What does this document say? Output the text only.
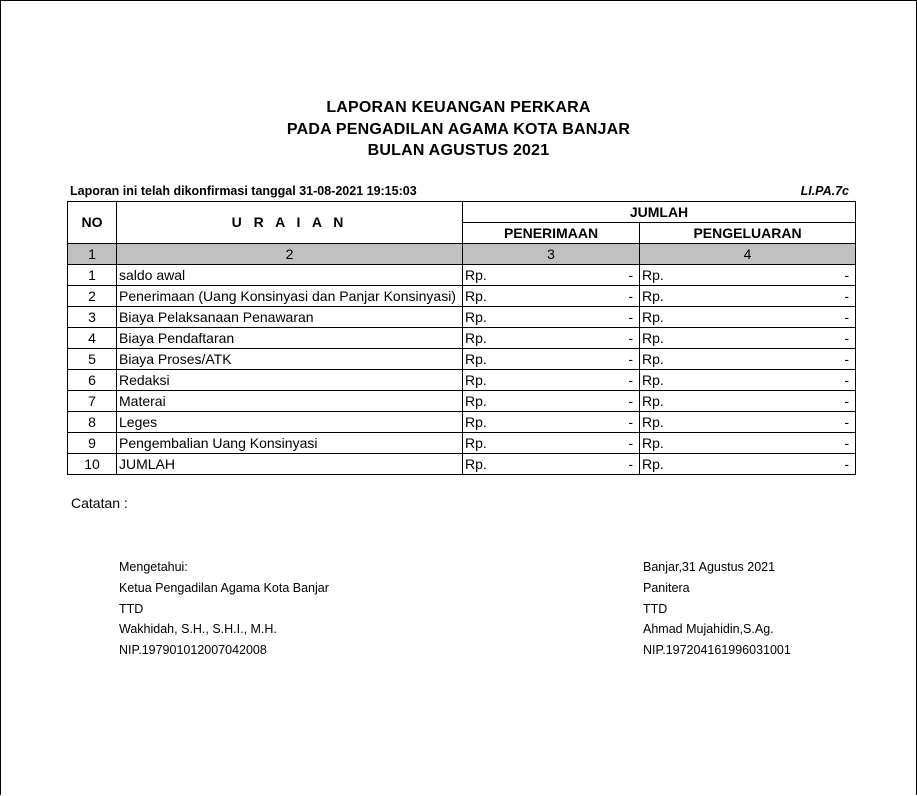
LAPORAN KEUANGAN PERKARA
PADA PENGADILAN AGAMA KOTA BANJAR
BULAN AGUSTUS 2021
Laporan ini telah dikonfirmasi tanggal 31-08-2021 19:15:03	LI.PA.7c
NO	U R A I A N	JUMLAH	
		PENERIMAAN	PENGELUARAN
1	2	3	4
1	saldo awal	Rp. -	Rp. -

2	Penerimaan (Uang Konsinyasi dan Panjar Konsinyasi)	Rp. -	Rp. -

3	Biaya Pelaksanaan Penawaran	Rp. -	Rp. -

4	Biaya Pendaftaran	Rp. -	Rp. -

5	Biaya Proses/ATK	Rp. -	Rp. -

6	Redaksi	Rp. -	Rp. -

7	Materai	Rp. -	Rp. -

8	Leges	Rp. -	Rp. -

9	Pengembalian Uang Konsinyasi	Rp. -	Rp. -

10	JUMLAH	Rp. -	Rp. -
Catatan :
Mengetahui:
Ketua Pengadilan Agama Kota Banjar
TTD
Wakhidah, S.H., S.H.I., M.H.
NIP.197901012007042008
Banjar,31 Agustus 2021
Panitera
TTD
Ahmad Mujahidin,S.Ag.
NIP.197204161996031001
